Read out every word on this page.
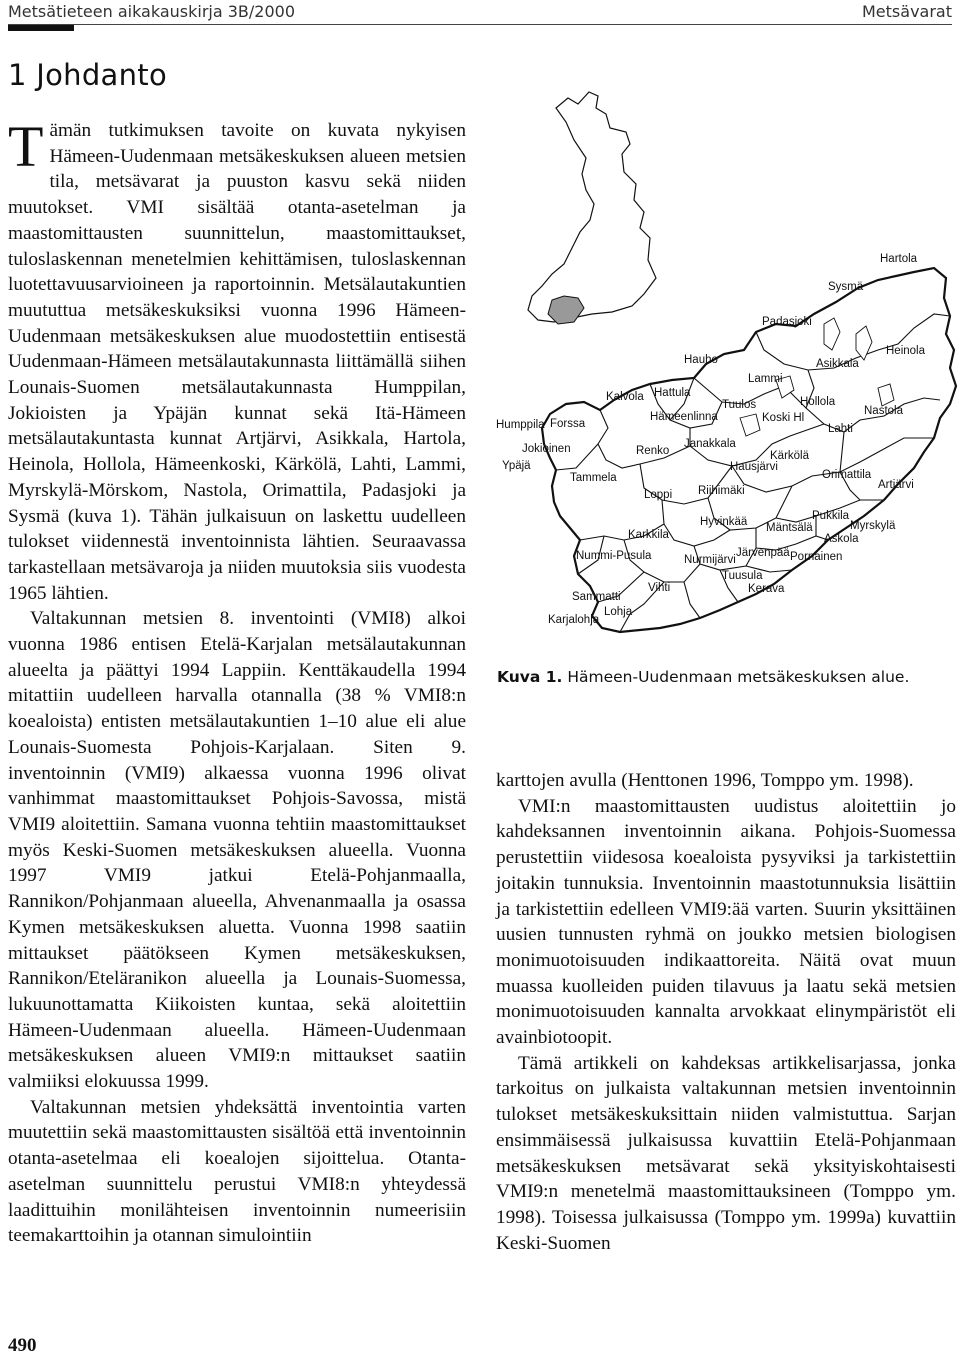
Metsätieteen aikakauskirja 3B/2000	Metsävarat
1 Johdanto

Tämän tutkimuksen tavoite on kuvata nykyisen Hämeen-Uudenmaan metsäkeskuksen alueen metsien tila, metsävarat ja puuston kasvu sekä niiden muutokset. VMI sisältää otanta-asetelman ja maastomittausten suunnittelun, maastomittaukset, tuloslaskennan menetelmien kehittämisen, tuloslaskennan luotettavuusarvioineen ja raportoinnin. Metsälautakuntien muututtua metsäkeskuksiksi vuonna 1996 Hämeen-Uudenmaan metsäkeskuksen alue muodostettiin entisestä Uudenmaan-Hämeen metsälautakunnasta liittämällä siihen Lounais-Suomen metsälautakunnasta Humppilan, Jokioisten ja Ypäjän kunnat sekä Itä-Hämeen metsälautakuntasta kunnat Artjärvi, Asikkala, Hartola, Heinola, Hollola, Hämeenkoski, Kärkölä, Lahti, Lammi, Myrskylä-Mörskom, Nastola, Orimattila, Padasjoki ja Sysmä (kuva 1). Tähän julkaisuun on laskettu uudelleen tulokset viidennestä inventoinnista lähtien. Seuraavassa tarkastellaan metsävaroja ja niiden muutoksia siis vuodesta 1965 lähtien.

Valtakunnan metsien 8. inventointi (VMI8) alkoi vuonna 1986 entisen Etelä-Karjalan metsälautakunnan alueelta ja päättyi 1994 Lappiin. Kenttäkaudella 1994 mitattiin uudelleen harvalla otannalla (38 % VMI8:n koealoista) entisten metsälautakuntien 1–10 alue eli alue Lounais-Suomesta Pohjois-Karjalaan. Siten 9. inventoinnin (VMI9) alkaessa vuonna 1996 olivat vanhimmat maastomittaukset Pohjois-Savossa, mistä VMI9 aloitettiin. Samana vuonna tehtiin maastomittaukset myös Keski-Suomen metsäkeskuksen alueella. Vuonna 1997 VMI9 jatkui Etelä-Pohjanmaalla, Rannikon/Pohjanmaan alueella, Ahvenanmaalla ja osassa Kymen metsäkeskuksen aluetta. Vuonna 1998 saatiin mittaukset päätökseen Kymen metsäkeskuksen, Rannikon/Eteläranikon alueella ja Lounais-Suomessa, lukuunottamatta Kiikoisten kuntaa, sekä aloitettiin Hämeen-Uudenmaan alueella. Hämeen-Uudenmaan metsäkeskuksen alueen VMI9:n mittaukset saatiin valmiiksi elokuussa 1999.

Valtakunnan metsien yhdeksättä inventointia varten muutettiin sekä maastomittausten sisältöä että inventoinnin otanta-asetelmaa eli koealojen sijoittelua. Otanta-asetelman suunnittelu perustui VMI8:n yhteydessä laadittuihin monilähteisen inventoinnin numeerisiin teemakarttoihin ja otannan simulointiin

Hartola
Sysmä
Padasjoki
Heinola
Hauho	Asikkala
Lammi
Hattula
Kalvola	Hollola
Nastola
Tuulos
Hämeenlinna	Koski Hl
Lahti
Humppila Forssa
Janakkala
Jokioinen	Renko	Kärkölä
Ypäjä	Hausjärvi
Orimattila
Tammela
Artjärvi
Loppi Riihimäki
Pukkila
Myrskylä
Hyvinkää Mäntsälä
Karkkila	Askola
Nummi-Pusula	Järvenpää
Nurmijärvi	Pornainen
Vihti
Tuusula
Kerava
Sammatti
Lohja
Karjalohja
Kuva 1. Hämeen-Uudenmaan metsäkeskuksen alue.

karttojen avulla (Henttonen 1996, Tomppo ym. 1998).

VMI:n maastomittausten uudistus aloitettiin jo kahdeksannen inventoinnin aikana. Pohjois-Suomessa perustettiin viidesosa koealoista pysyviksi ja tarkistettiin joitakin tunnuksia. Inventoinnin maastotunnuksia lisättiin ja tarkistettiin edelleen VMI9:ää varten. Suurin yksittäinen uusien tunnusten ryhmä on joukko metsien biologisen monimuotoisuuden indikaattoreita. Näitä ovat muun muassa kuolleiden puiden tilavuus ja laatu sekä metsien monimuotoisuuden kannalta arvokkaat elinympäristöt eli avainbiotoopit.

Tämä artikkeli on kahdeksas artikkelisarjassa, jonka tarkoitus on julkaista valtakunnan metsien inventoinnin tulokset metsäkeskuksittain niiden valmistuttua. Sarjan ensimmäisessä julkaisussa kuvattiin Etelä-Pohjanmaan metsäkeskuksen metsävarat sekä yksityiskohtaisesti VMI9:n menetelmä maastomittauksineen (Tomppo ym. 1998). Toisessa julkaisussa (Tomppo ym. 1999a) kuvattiin Keski-Suomen

490
